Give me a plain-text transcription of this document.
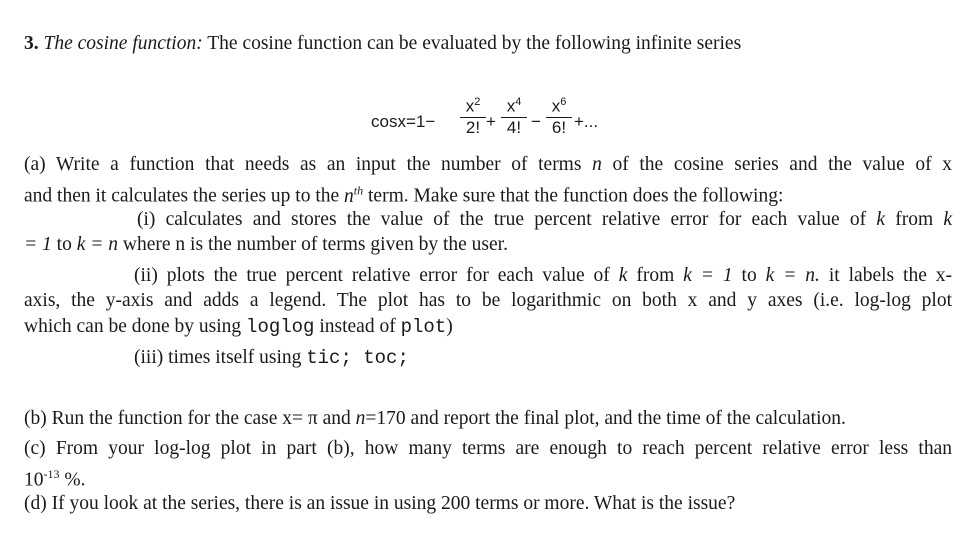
3. The cosine function: The cosine function can be evaluated by the following infinite series
cosx=1−
$x^2$
2! +
$x^4$
4! −
$x^6$
6! +...
(a) Write a function that needs as an input the number of terms n of the cosine series and the value of x
and then it calculates the series up to the $n^{th}$ term. Make sure that the function does the following:
(i) calculates and stores the value of the true percent relative error for each value of k from k
= 1 to k = n where n is the number of terms given by the user.
(ii) plots the true percent relative error for each value of k from k = 1 to k = n. it labels the x-
axis, the y-axis and adds a legend. The plot has to be logarithmic on both x and y axes (i.e. log-log plot
which can be done by using loglog instead of plot)
(iii) times itself using tic; toc;
(b) Run the function for the case x= π and n=170 and report the final plot, and the time of the calculation.
(c) From your log-log plot in part (b), how many terms are enough to reach percent relative error less than
$10^{-13}$ %.
(d) If you look at the series, there is an issue in using 200 terms or more. What is the issue?
